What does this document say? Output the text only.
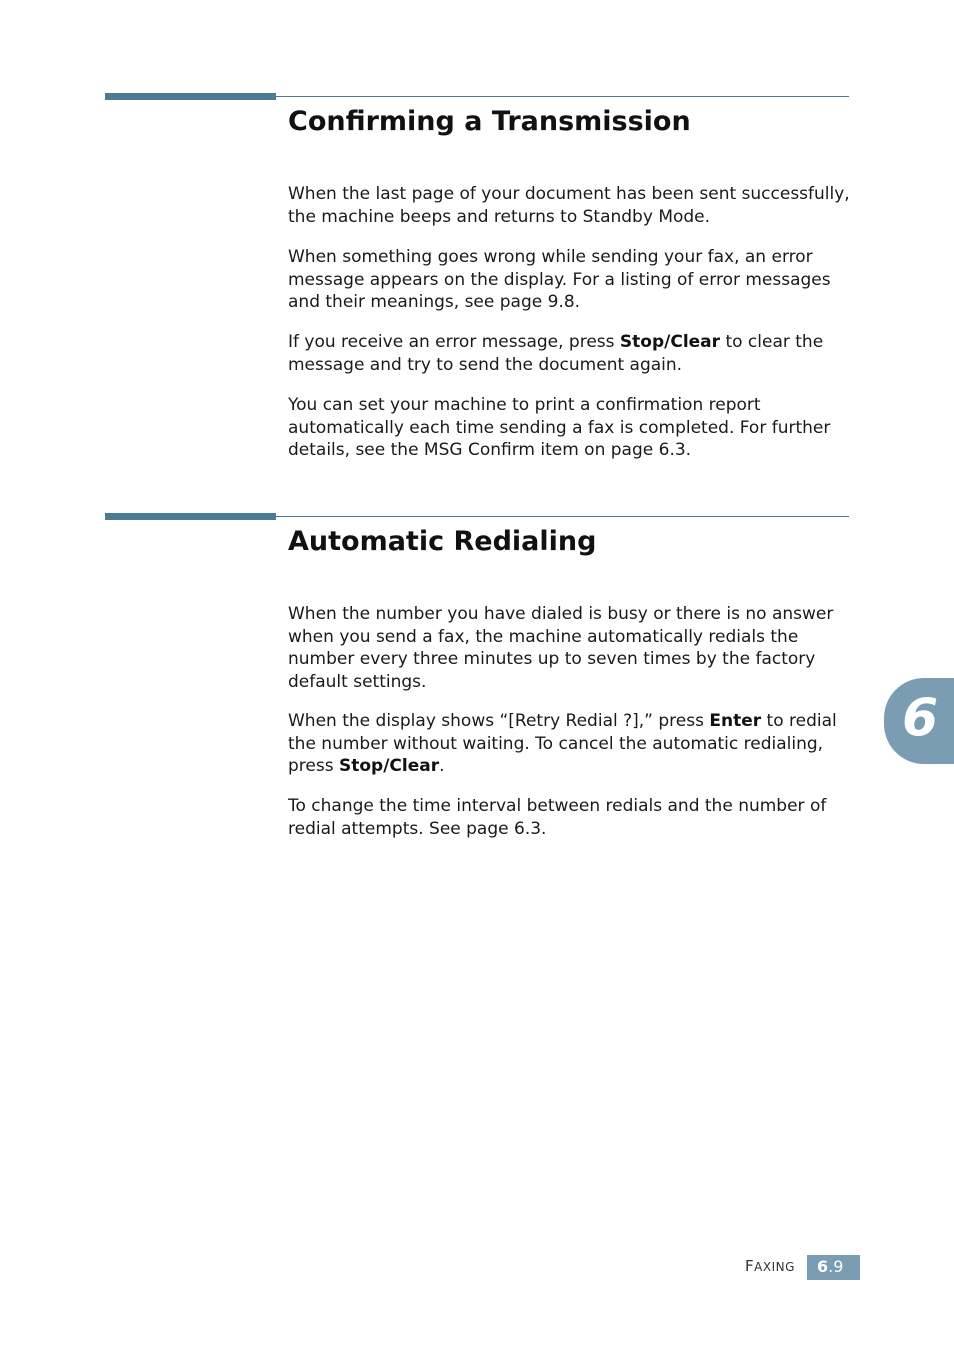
Confirming a Transmission

When the last page of your document has been sent successfully, the machine beeps and returns to Standby Mode.

When something goes wrong while sending your fax, an error message appears on the display. For a listing of error messages and their meanings, see page 9.8.

If you receive an error message, press Stop/Clear to clear the message and try to send the document again.

You can set your machine to print a confirmation report automatically each time sending a fax is completed. For further details, see the MSG Confirm item on page 6.3.

Automatic Redialing

When the number you have dialed is busy or there is no answer when you send a fax, the machine automatically redials the number every three minutes up to seven times by the factory default settings.

When the display shows “[Retry Redial ?],” press Enter to redial the number without waiting. To cancel the automatic redialing, press Stop/Clear.

To change the time interval between redials and the number of redial attempts. See page 6.3.

6
FAXING 6.9
